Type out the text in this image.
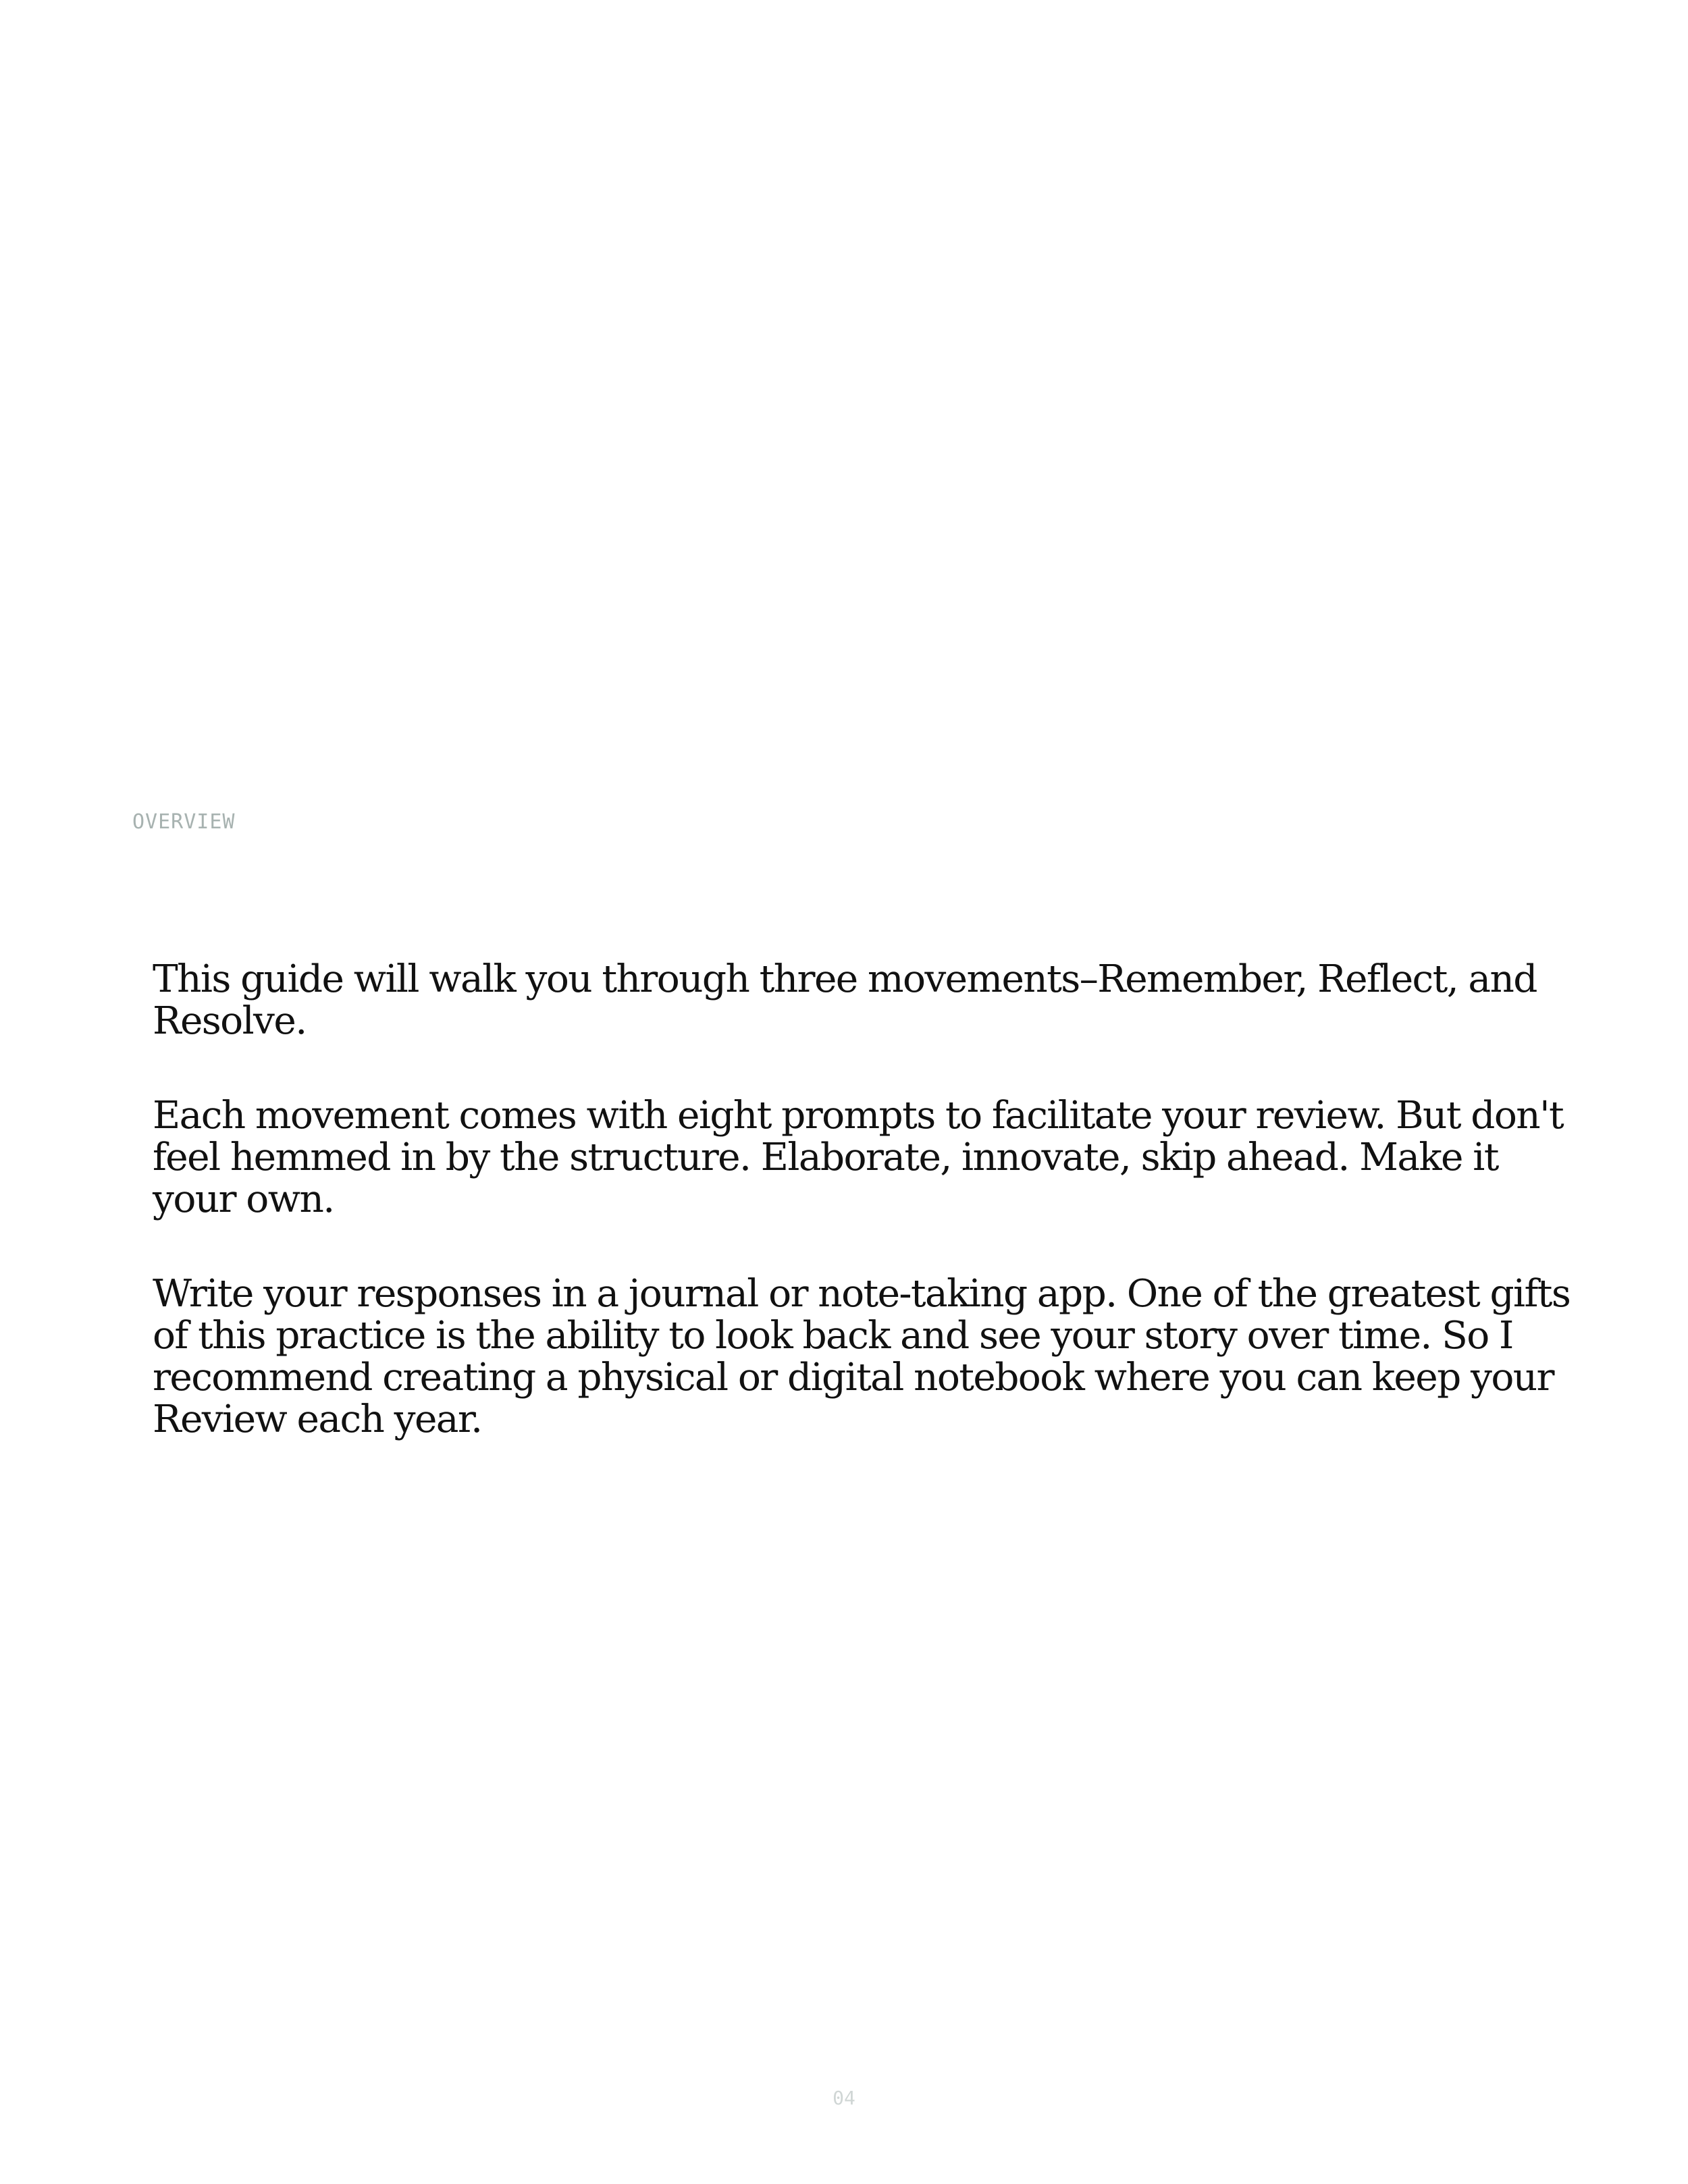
OVERVIEW

This guide will walk you through three movements–Remember, Reflect, and Resolve.

Each movement comes with eight prompts to facilitate your review. But don't feel hemmed in by the structure. Elaborate, innovate, skip ahead. Make it your own.

Write your responses in a journal or note-taking app. One of the greatest gifts of this practice is the ability to look back and see your story over time. So I recommend creating a physical or digital notebook where you can keep your Review each year.

04
